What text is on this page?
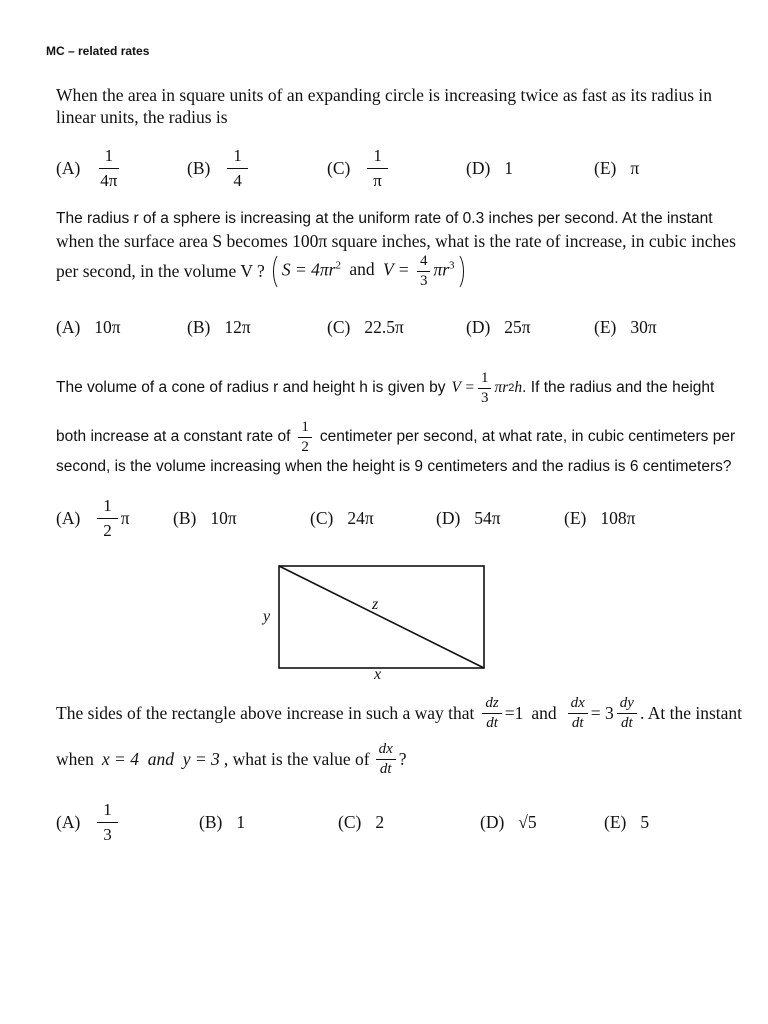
MC – related rates
When the area in square units of an expanding circle is increasing twice as fast as its radius in linear units, the radius is
$(A) \frac{1}{4\pi}$	$(B) \frac{1}{4}$	$(C) \frac{1}{\pi}$	(D) 1	(E) π
The radius r of a sphere is increasing at the uniform rate of 0.3 inches per second. At the instant
when the surface area S becomes 100π square inches, what is the rate of increase, in cubic inches
per second, in the volume V ? $S = 4\pi r^2$ and $V = \frac{4}{3} \pi r^3$
(A) 10π	(B) 12π	(C) 22.5π	(D) 25π	(E) 30π
The volume of a cone of radius r and height h is given by $V = \frac{1}{3}$ πr 2 h . If the radius and the height
both increase at a constant rate of $\frac{1}{2}$ centimeter per second, at what rate, in cubic centimeters per
second, is the volume increasing when the height is 9 centimeters and the radius is 6 centimeters?
$(A) \frac{1}{2}$ π (B) 10π	(C) 24π	(D) 54π	(E) 108π
y
z
x
The sides of the rectangle above increase in such a way that $\frac{dz}{dt} =1$ and $\frac{dx}{dt} = 3 \frac{dy}{dt}$ . At the instant
when x = 4  and  y = 3 , what is the value of $\frac{dx}{dt}$ ?
$(A) \frac{1}{3}$	(B) 1	(C) 2	(D) √5	(E) 5
